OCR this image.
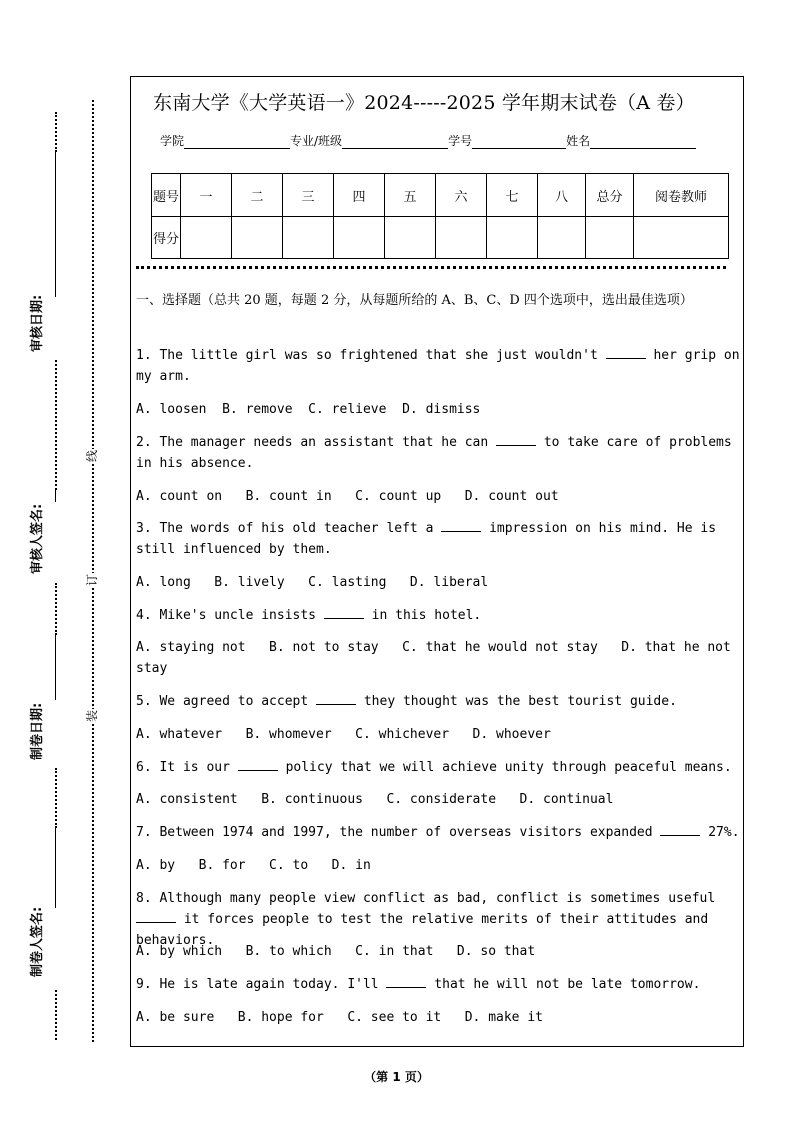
审核日期:
审核人签名:
制卷日期:
制卷人签名:
线
订
装
东南大学《大学英语一》2024-----2025 学年期末试卷（A 卷）
学院	专业/班级	学号	姓名
题号	一	二	三	四	五	六	七	八	总分	阅卷教师
得分										
一、选择题（总共 20 题，每题 2 分，从每题所给的 A、B、C、D 四个选项中，选出最佳选项）
1. The little girl was so frightened that she just wouldn't	her grip on my arm.
A. loosen  B. remove  C. relieve  D. dismiss
2. The manager needs an assistant that he can	to take care of problems in his absence.
A. count on   B. count in   C. count up   D. count out
3. The words of his old teacher left a	impression on his mind. He is still influenced by them.
A. long   B. lively   C. lasting   D. liberal
4. Mike's uncle insists	in this hotel.
A. staying not   B. not to stay   C. that he would not stay   D. that he not stay
5. We agreed to accept	they thought was the best tourist guide.
A. whatever   B. whomever   C. whichever   D. whoever
6. It is our	policy that we will achieve unity through peaceful means.
A. consistent   B. continuous   C. considerate   D. continual
7. Between 1974 and 1997, the number of overseas visitors expanded	27%.
A. by   B. for   C. to   D. in
8. Although many people view conflict as bad, conflict is sometimes useful  it forces people to test the relative merits of their attitudes and behaviors.
A. by which   B. to which   C. in that   D. so that
9. He is late again today. I'll	that he will not be late tomorrow.
A. be sure   B. hope for   C. see to it   D. make it
（第 1 页）
